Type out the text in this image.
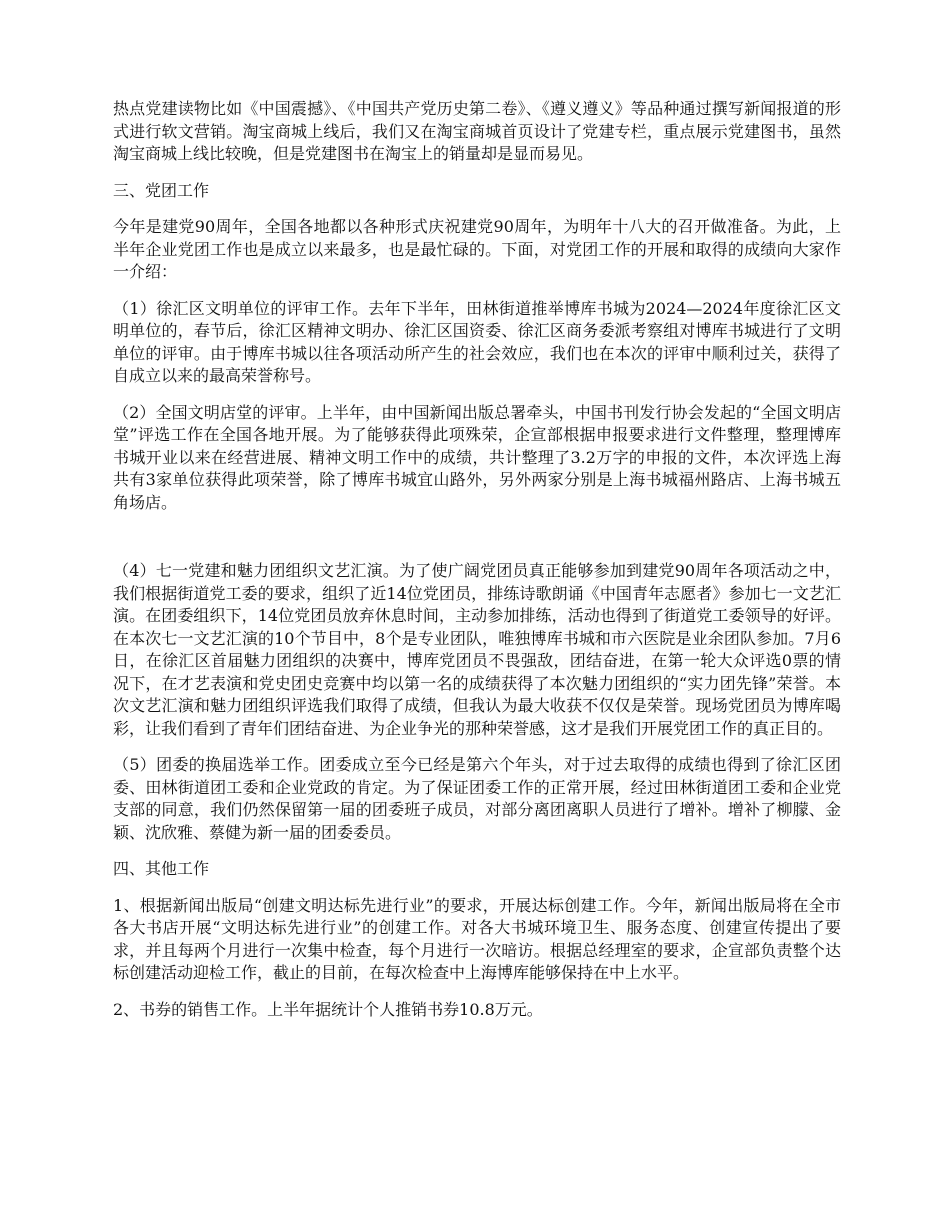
热点党建读物比如《中国震撼》、《中国共产党历史第二卷》、《遵义遵义》等品种通过撰写新闻报道的形式进行软文营销。淘宝商城上线后，我们又在淘宝商城首页设计了党建专栏，重点展示党建图书，虽然淘宝商城上线比较晚，但是党建图书在淘宝上的销量却是显而易见。

三、党团工作

今年是建党90周年，全国各地都以各种形式庆祝建党90周年，为明年十八大的召开做准备。为此，上半年企业党团工作也是成立以来最多，也是最忙碌的。下面，对党团工作的开展和取得的成绩向大家作一介绍：

（1）徐汇区文明单位的评审工作。去年下半年，田林街道推举博库书城为2024—2024年度徐汇区文明单位的，春节后，徐汇区精神文明办、徐汇区国资委、徐汇区商务委派考察组对博库书城进行了文明单位的评审。由于博库书城以往各项活动所产生的社会效应，我们也在本次的评审中顺利过关，获得了自成立以来的最高荣誉称号。

（2）全国文明店堂的评审。上半年，由中国新闻出版总署牵头，中国书刊发行协会发起的“全国文明店堂”评选工作在全国各地开展。为了能够获得此项殊荣，企宣部根据申报要求进行文件整理，整理博库书城开业以来在经营进展、精神文明工作中的成绩，共计整理了3.2万字的申报的文件，本次评选上海共有3家单位获得此项荣誉，除了博库书城宜山路外，另外两家分别是上海书城福州路店、上海书城五角场店。

（4）七一党建和魅力团组织文艺汇演。为了使广阔党团员真正能够参加到建党90周年各项活动之中，我们根据街道党工委的要求，组织了近14位党团员，排练诗歌朗诵《中国青年志愿者》参加七一文艺汇演。在团委组织下，14位党团员放弃休息时间，主动参加排练，活动也得到了街道党工委领导的好评。在本次七一文艺汇演的10个节目中，8个是专业团队，唯独博库书城和市六医院是业余团队参加。7月6日，在徐汇区首届魅力团组织的决赛中，博库党团员不畏强敌，团结奋进，在第一轮大众评选0票的情况下，在才艺表演和党史团史竞赛中均以第一名的成绩获得了本次魅力团组织的“实力团先锋”荣誉。本次文艺汇演和魅力团组织评选我们取得了成绩，但我认为最大收获不仅仅是荣誉。现场党团员为博库喝彩，让我们看到了青年们团结奋进、为企业争光的那种荣誉感，这才是我们开展党团工作的真正目的。

（5）团委的换届选举工作。团委成立至今已经是第六个年头，对于过去取得的成绩也得到了徐汇区团委、田林街道团工委和企业党政的肯定。为了保证团委工作的正常开展，经过田林街道团工委和企业党支部的同意，我们仍然保留第一届的团委班子成员，对部分离团离职人员进行了增补。增补了柳朦、金颖、沈欣雅、蔡健为新一届的团委委员。

四、其他工作

1、根据新闻出版局“创建文明达标先进行业”的要求，开展达标创建工作。今年，新闻出版局将在全市各大书店开展“文明达标先进行业”的创建工作。对各大书城环境卫生、服务态度、创建宣传提出了要求，并且每两个月进行一次集中检查，每个月进行一次暗访。根据总经理室的要求，企宣部负责整个达标创建活动迎检工作，截止的目前，在每次检查中上海博库能够保持在中上水平。

2、书券的销售工作。上半年据统计个人推销书券10.8万元。
